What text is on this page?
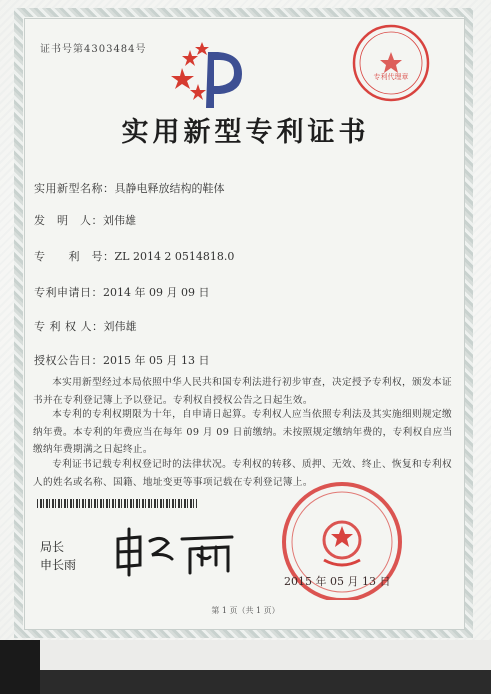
证书号第4303484号
专利代理章
实用新型专利证书
实用新型名称：具静电释放结构的鞋体
发　明　人：刘伟雄
专　　利　号：ZL 2014 2 0514818.0
专利申请日：2014 年 09 月 09 日
专 利 权 人：刘伟雄
授权公告日：2015 年 05 月 13 日
本实用新型经过本局依照中华人民共和国专利法进行初步审查，决定授予专利权，颁发本证书并在专利登记簿上予以登记。专利权自授权公告之日起生效。
本专利的专利权期限为十年，自申请日起算。专利权人应当依照专利法及其实施细则规定缴纳年费。本专利的年费应当在每年 09 月 09 日前缴纳。未按照规定缴纳年费的，专利权自应当缴纳年费期满之日起终止。
专利证书记载专利权登记时的法律状况。专利权的转移、质押、无效、终止、恢复和专利权人的姓名或名称、国籍、地址变更等事项记载在专利登记簿上。
局长
申长雨
2015 年 05 月 13 日
第 1 页（共 1 页）
